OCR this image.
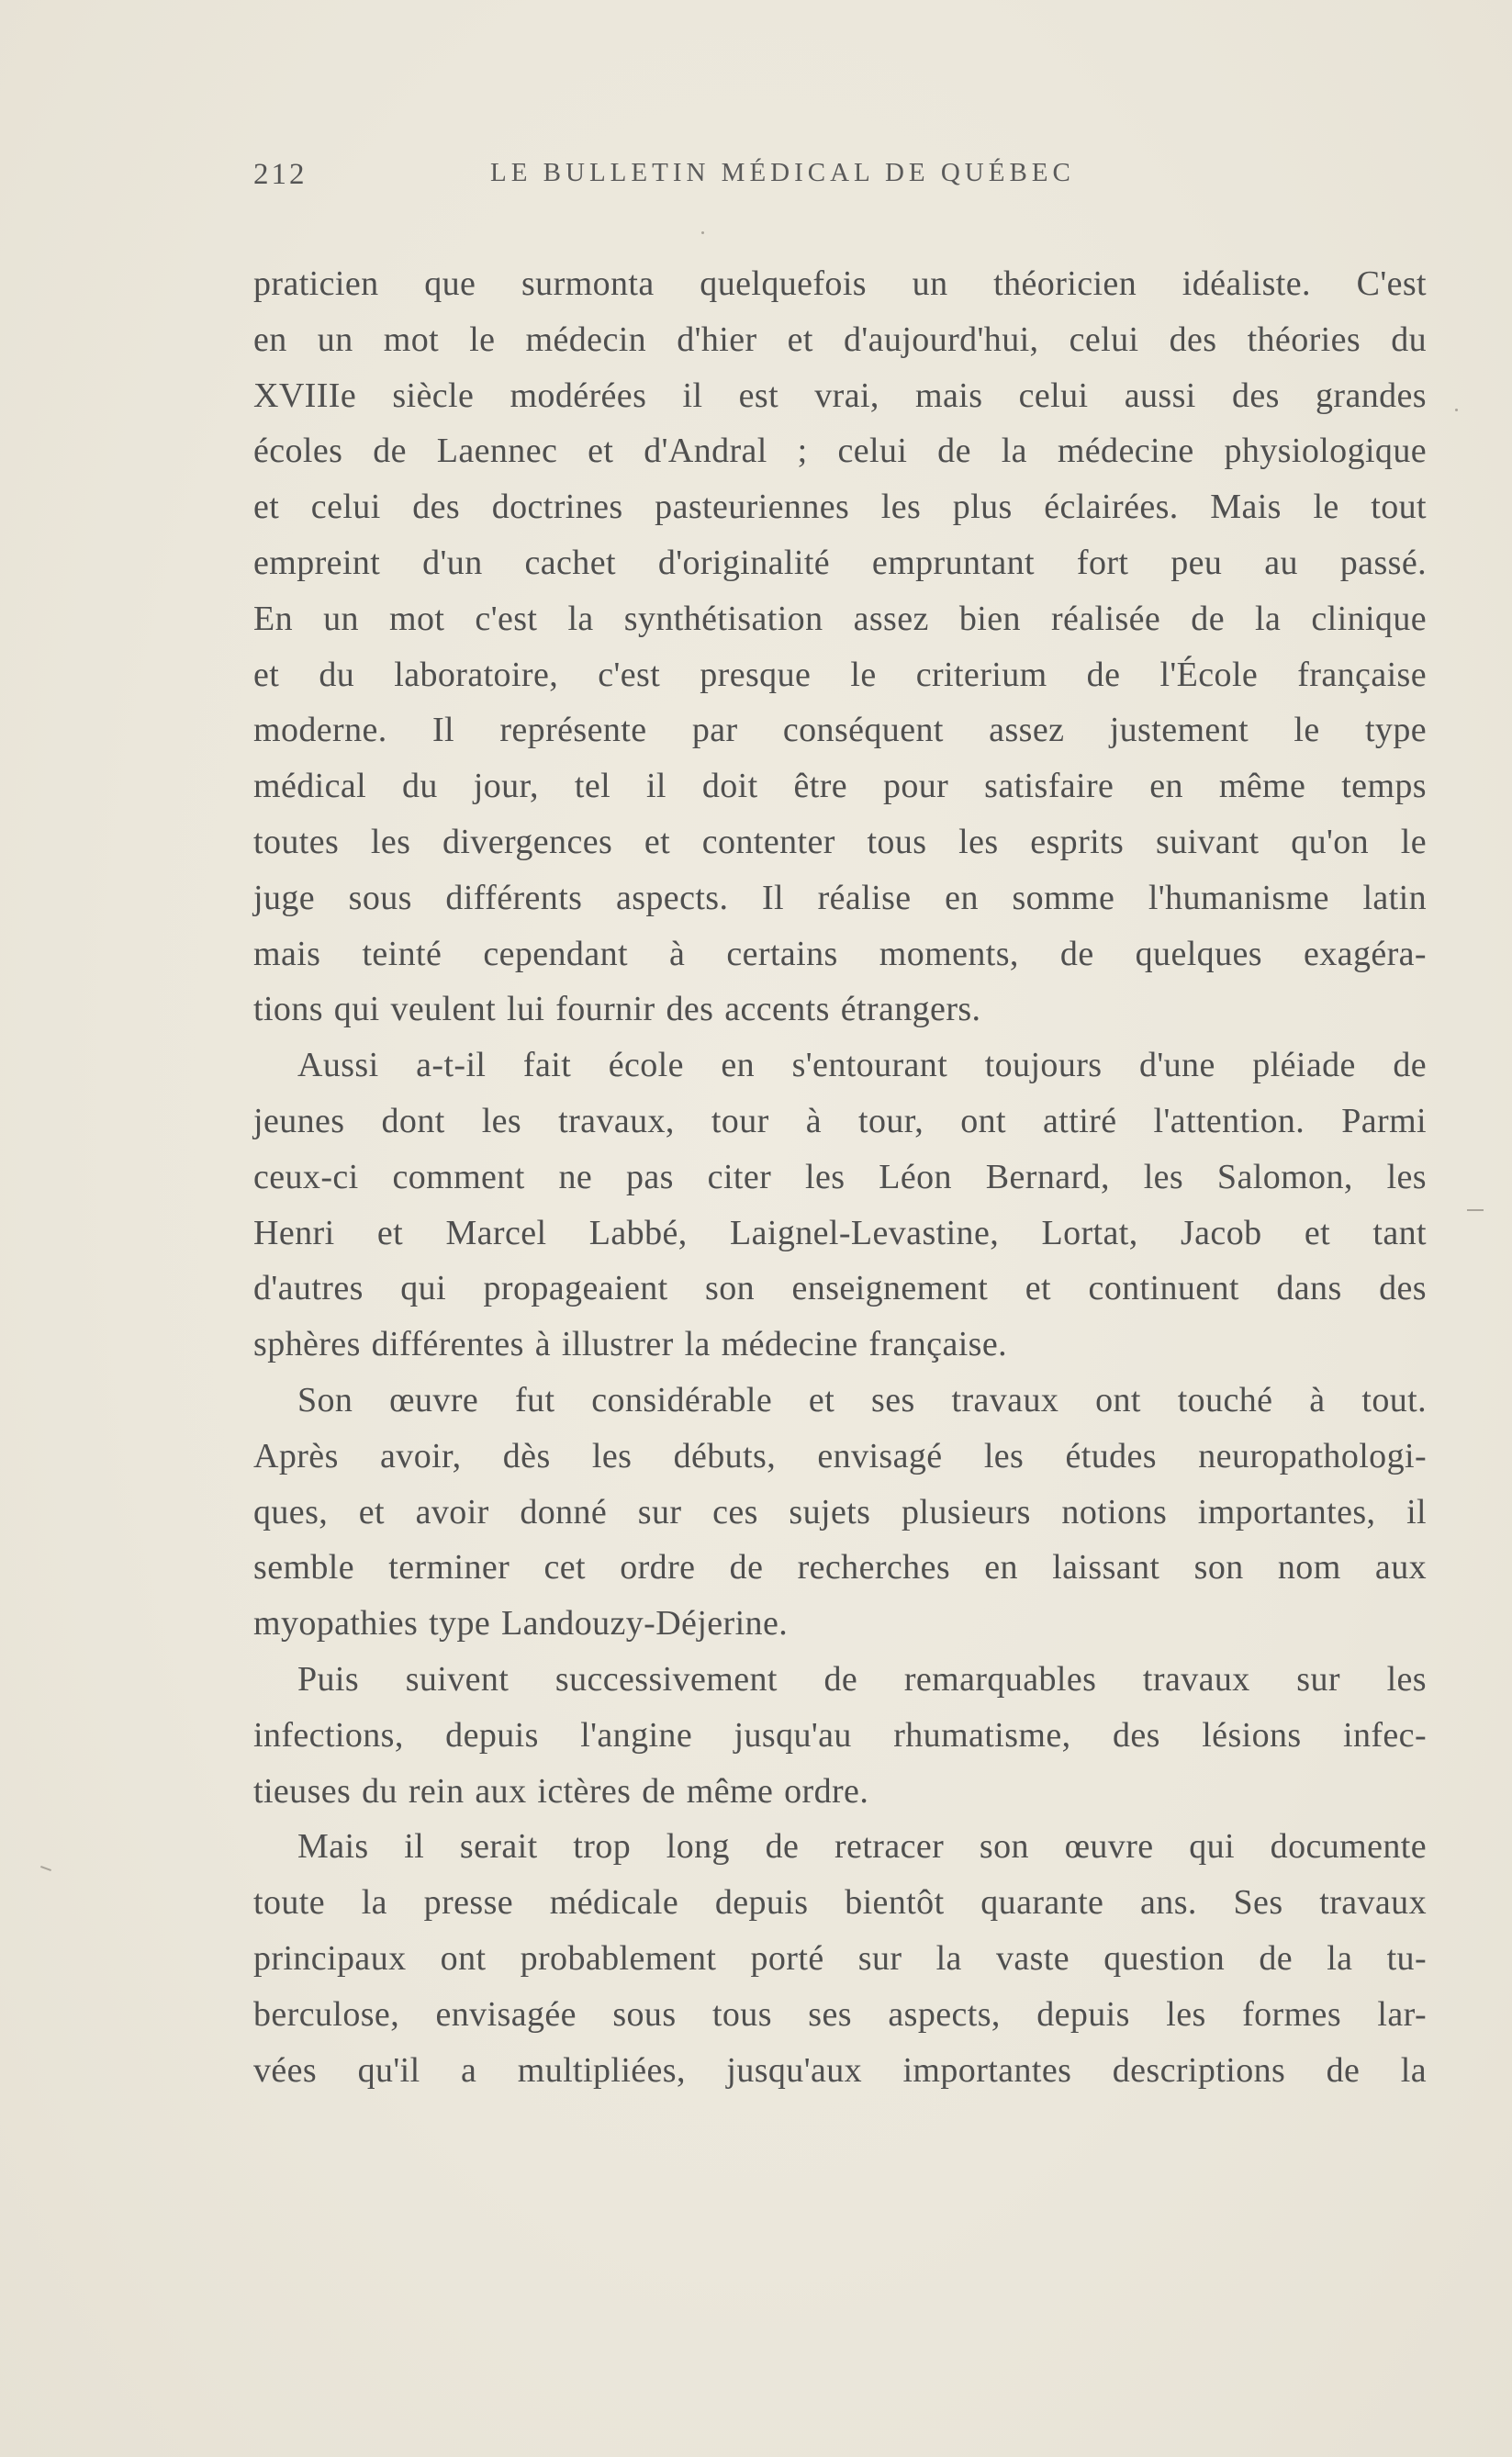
212	LE BULLETIN MÉDICAL DE QUÉBEC
praticien que surmonta quelquefois un théoricien idéaliste. C'est
en un mot le médecin d'hier et d'aujourd'hui, celui des théories du
XVIIIe siècle modérées il est vrai, mais celui aussi des grandes
écoles de Laennec et d'Andral ; celui de la médecine physiologique
et celui des doctrines pasteuriennes les plus éclairées. Mais le tout
empreint d'un cachet d'originalité empruntant fort peu au passé.
En un mot c'est la synthétisation assez bien réalisée de la clinique
et du laboratoire, c'est presque le criterium de l'École française
moderne. Il représente par conséquent assez justement le type
médical du jour, tel il doit être pour satisfaire en même temps
toutes les divergences et contenter tous les esprits suivant qu'on le
juge sous différents aspects. Il réalise en somme l'humanisme latin
mais teinté cependant à certains moments, de quelques exagéra-
tions qui veulent lui fournir des accents étrangers.
Aussi a-t-il fait école en s'entourant toujours d'une pléiade de
jeunes dont les travaux, tour à tour, ont attiré l'attention. Parmi
ceux-ci comment ne pas citer les Léon Bernard, les Salomon, les
Henri et Marcel Labbé, Laignel-Levastine, Lortat, Jacob et tant
d'autres qui propageaient son enseignement et continuent dans des
sphères différentes à illustrer la médecine française.
Son œuvre fut considérable et ses travaux ont touché à tout.
Après avoir, dès les débuts, envisagé les études neuropathologi-
ques, et avoir donné sur ces sujets plusieurs notions importantes, il
semble terminer cet ordre de recherches en laissant son nom aux
myopathies type Landouzy-Déjerine.
Puis suivent successivement de remarquables travaux sur les
infections, depuis l'angine jusqu'au rhumatisme, des lésions infec-
tieuses du rein aux ictères de même ordre.
Mais il serait trop long de retracer son œuvre qui documente
toute la presse médicale depuis bientôt quarante ans. Ses travaux
principaux ont probablement porté sur la vaste question de la tu-
berculose, envisagée sous tous ses aspects, depuis les formes lar-
vées qu'il a multipliées, jusqu'aux importantes descriptions de la
